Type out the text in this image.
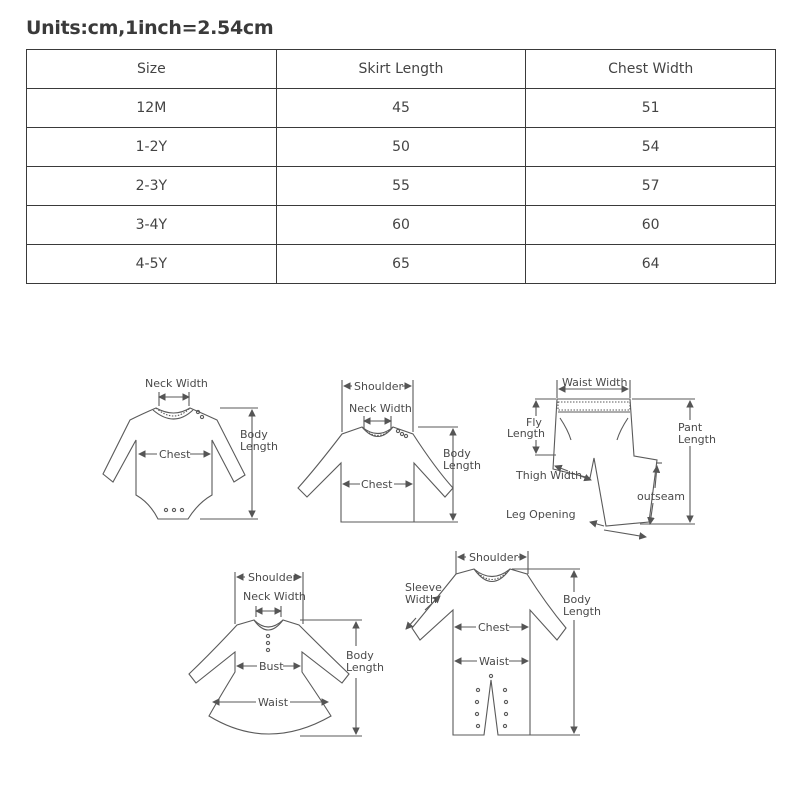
Units:cm,1inch=2.54cm
Size	Skirt Length	Chest Width
12M	45	51
1-2Y	50	54
2-3Y	55	57
3-4Y	60	60
4-5Y	65	64
Neck Width
Chest
Body
Length
Shoulder
Neck Width
Chest
Body
Length
Waist Width
Fly
Length	Pant
Length
Thigh Width
outseam
Leg Opening
Shoulder
Neck Width
Bust
Waist
Body
Length
Shoulder
Sleeve
Width
Chest
Waist
Body
Length
